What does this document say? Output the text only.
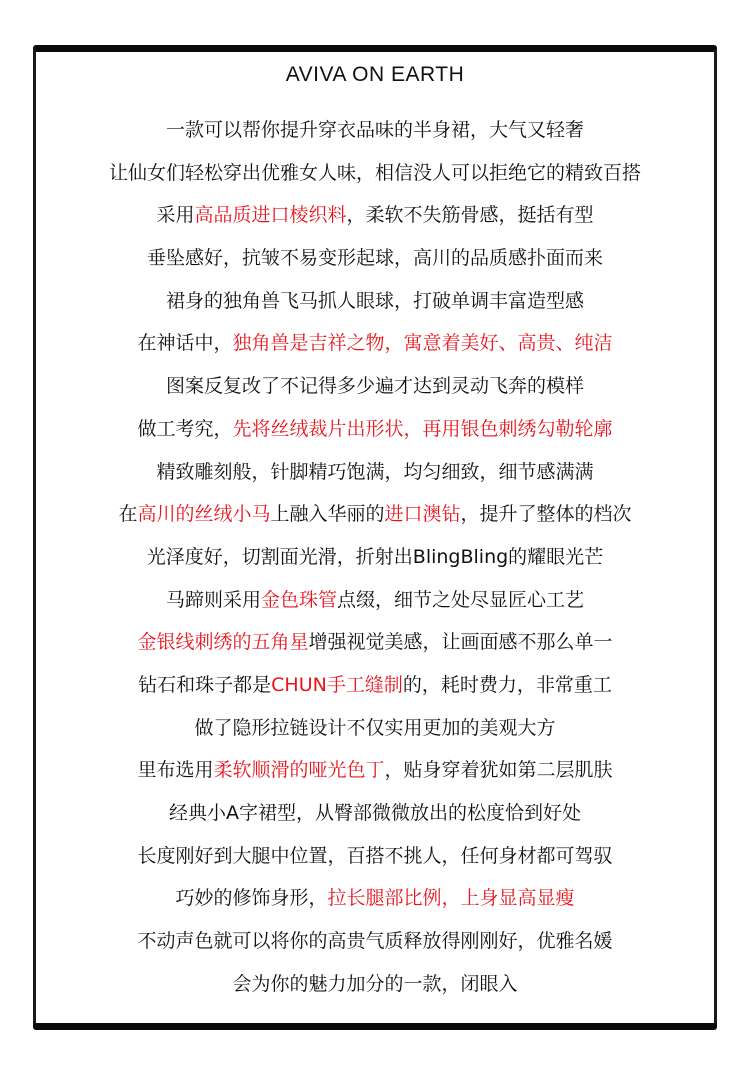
AVIVA ON EARTH
一款可以帮你提升穿衣品味的半身裙，大气又轻奢
让仙女们轻松穿出优雅女人味，相信没人可以拒绝它的精致百搭
采用高品质进口棱织料，柔软不失筋骨感，挺括有型
垂坠感好，抗皱不易变形起球，高川的品质感扑面而来
裙身的独角兽飞马抓人眼球，打破单调丰富造型感
在神话中，独角兽是吉祥之物，寓意着美好、高贵、纯洁
图案反复改了不记得多少遍才达到灵动飞奔的模样
做工考究，先将丝绒裁片出形状，再用银色刺绣勾勒轮廓
精致雕刻般，针脚精巧饱满，均匀细致，细节感满满
在高川的丝绒小马上融入华丽的进口澳钻，提升了整体的档次
光泽度好，切割面光滑，折射出BlingBling的耀眼光芒
马蹄则采用金色珠管点缀，细节之处尽显匠心工艺
金银线刺绣的五角星增强视觉美感，让画面感不那么单一
钻石和珠子都是CHUN手工缝制的，耗时费力，非常重工
做了隐形拉链设计不仅实用更加的美观大方
里布选用柔软顺滑的哑光色丁，贴身穿着犹如第二层肌肤
经典小A字裙型，从臀部微微放出的松度恰到好处
长度刚好到大腿中位置，百搭不挑人，任何身材都可驾驭
巧妙的修饰身形，拉长腿部比例，上身显高显瘦
不动声色就可以将你的高贵气质释放得刚刚好，优雅名媛
会为你的魅力加分的一款，闭眼入
